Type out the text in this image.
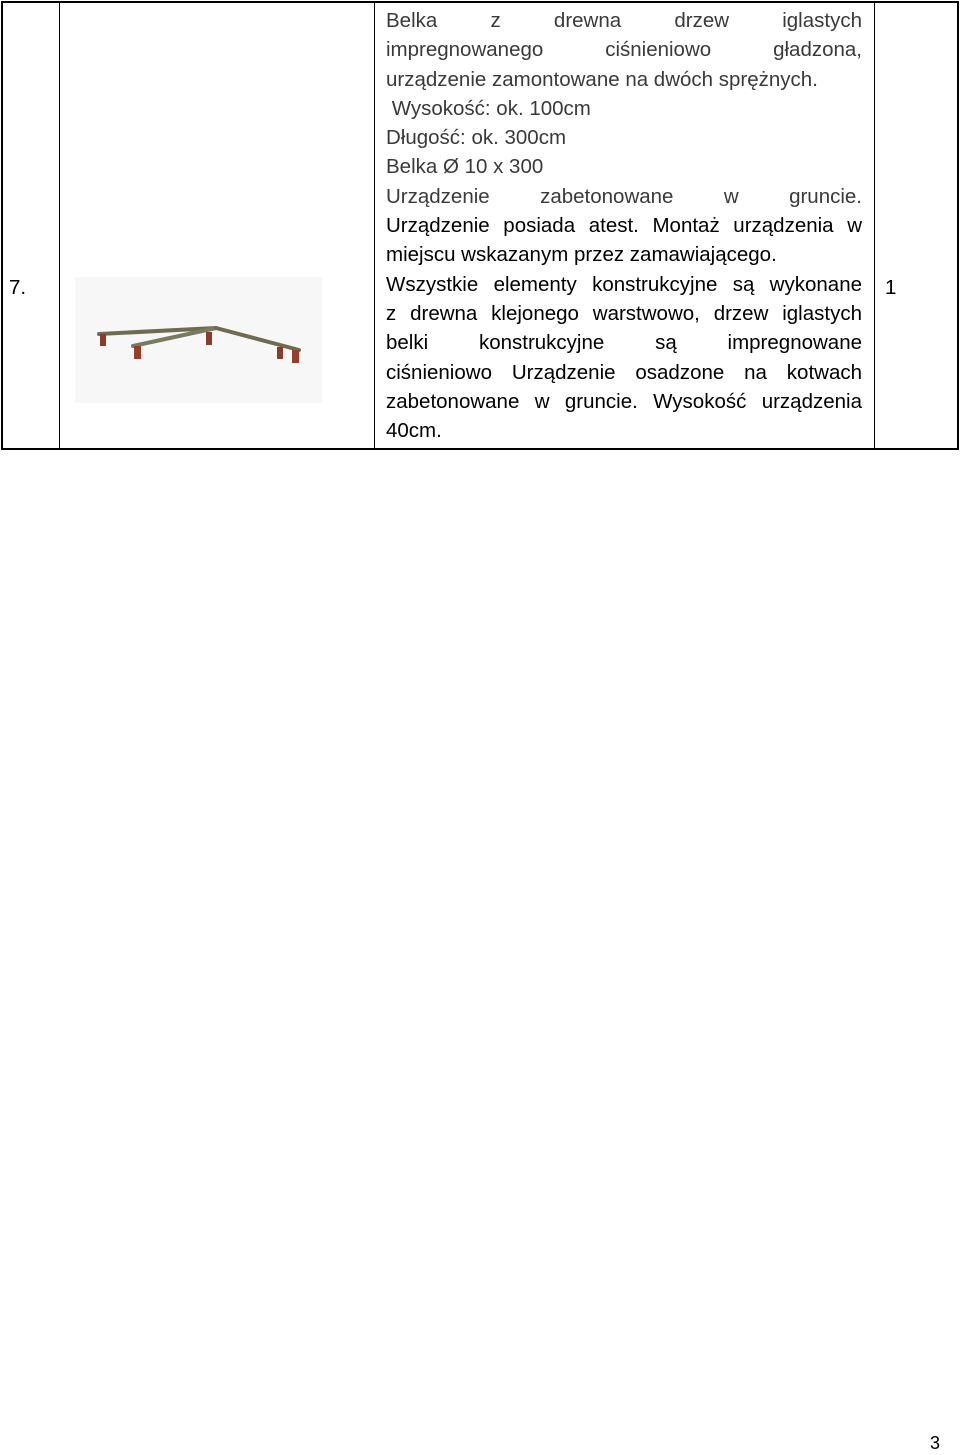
7.
Belka z drewna drzew iglastych
impregnowanego ciśnieniowo gładzona,
urządzenie zamontowane na dwóch sprężnych.
Wysokość: ok. 100cm
Długość: ok. 300cm
Belka Ø 10 x 300
Urządzenie zabetonowane w gruncie.
Urządzenie posiada atest. Montaż urządzenia w
miejscu wskazanym przez zamawiającego.
Wszystkie elementy konstrukcyjne są wykonane
z drewna klejonego warstwowo, drzew iglastych
belki konstrukcyjne są impregnowane
ciśnieniowo Urządzenie osadzone na kotwach
zabetonowane w gruncie. Wysokość urządzenia
40cm.
1
3
